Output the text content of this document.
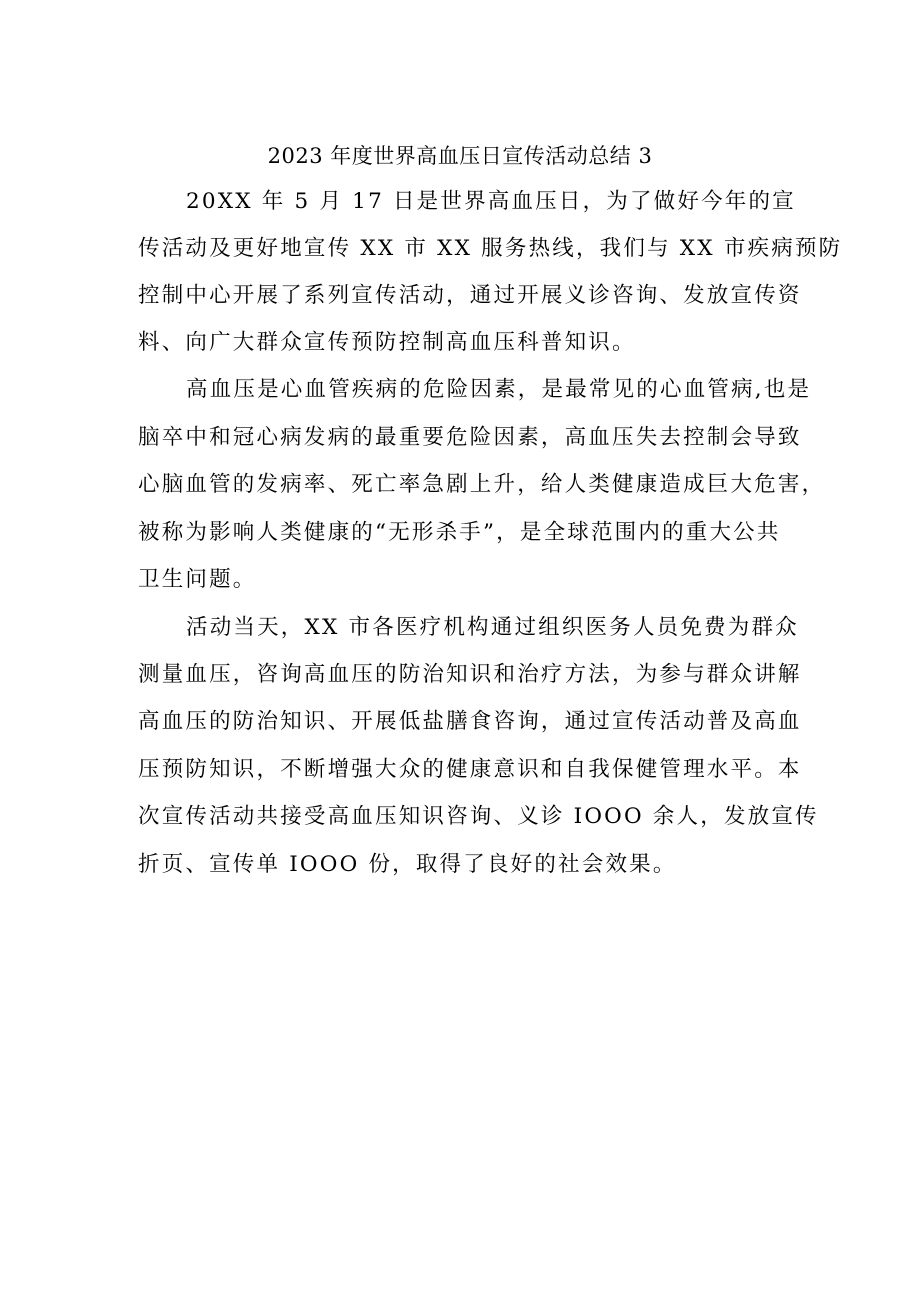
2023 年度世界高血压日宣传活动总结 3
20XX 年 5 月 17 日是世界高血压日，为了做好今年的宣
传活动及更好地宣传 XX 市 XX 服务热线，我们与 XX 市疾病预防
控制中心开展了系列宣传活动，通过开展义诊咨询、发放宣传资
料、向广大群众宣传预防控制高血压科普知识。
高血压是心血管疾病的危险因素，是最常见的心血管病,也是
脑卒中和冠心病发病的最重要危险因素，高血压失去控制会导致
心脑血管的发病率、死亡率急剧上升，给人类健康造成巨大危害，
被称为影响人类健康的“无形杀手”，是全球范围内的重大公共
卫生问题。
活动当天，XX 市各医疗机构通过组织医务人员免费为群众
测量血压，咨询高血压的防治知识和治疗方法，为参与群众讲解
高血压的防治知识、开展低盐膳食咨询，通过宣传活动普及高血
压预防知识，不断增强大众的健康意识和自我保健管理水平。本
次宣传活动共接受高血压知识咨询、义诊 IOOO 余人，发放宣传
折页、宣传单 IOOO 份，取得了良好的社会效果。
